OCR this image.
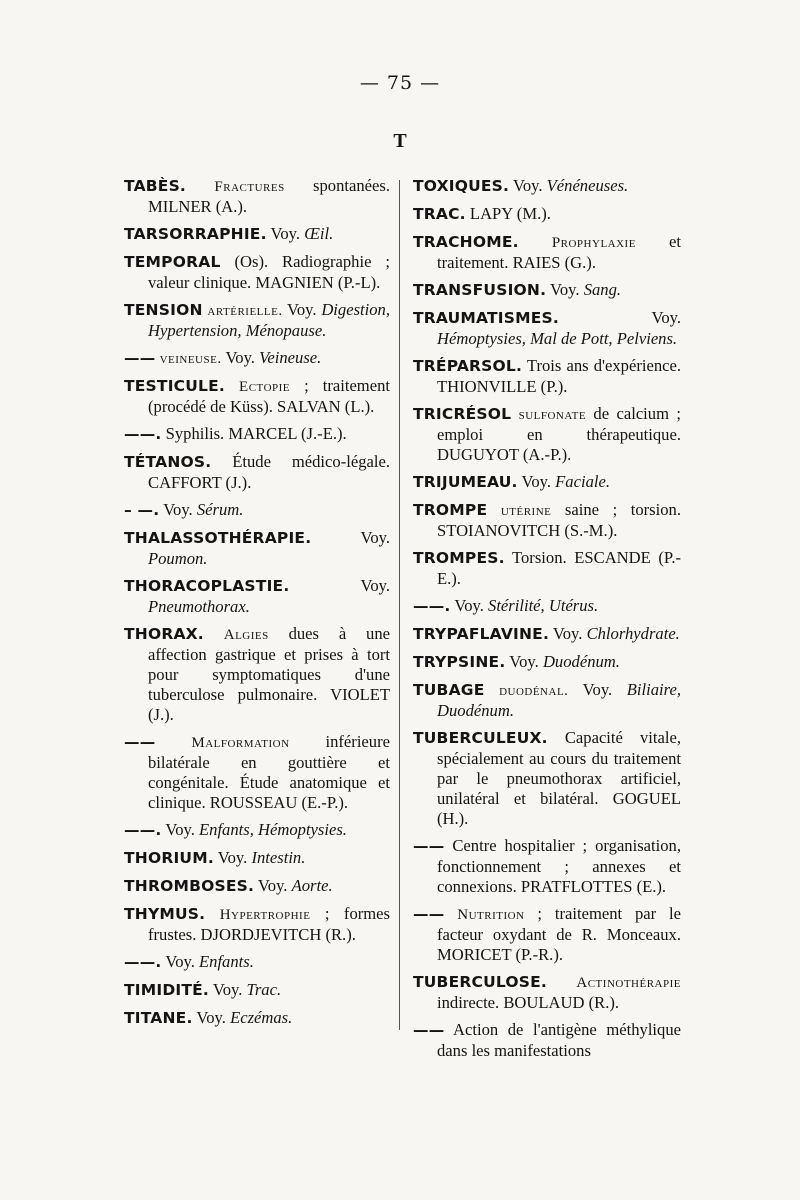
— 75 —
T
TABÈS. Fractures spontanées. MILNER (A.).
TARSORRAPHIE. Voy. Œil.
TEMPORAL (Os). Radiographie ; valeur clinique. MAGNIEN (P.-L).
TENSION artérielle. Voy. Digestion, Hypertension, Ménopause.
—— veineuse. Voy. Veineuse.
TESTICULE. Ectopie ; traitement (procédé de Küss). SALVAN (L.).
——. Syphilis. MARCEL (J.-E.).
TÉTANOS. Étude médico-légale. CAFFORT (J.).
– —. Voy. Sérum.
THALASSOTHÉRAPIE. Voy. Poumon.
THORACOPLASTIE. Voy. Pneumothorax.
THORAX. Algies dues à une affection gastrique et prises à tort pour symptomatiques d'une tuberculose pulmonaire. VIOLET (J.).
—— Malformation inférieure bilatérale en gouttière et congénitale. Étude anatomique et clinique. ROUSSEAU (E.-P.).
——. Voy. Enfants, Hémoptysies.
THORIUM. Voy. Intestin.
THROMBOSES. Voy. Aorte.
THYMUS. Hypertrophie ; formes frustes. DJORDJEVITCH (R.).
——. Voy. Enfants.
TIMIDITÉ. Voy. Trac.
TITANE. Voy. Eczémas.
TOXIQUES. Voy. Vénéneuses.
TRAC. LAPY (M.).
TRACHOME. Prophylaxie et traitement. RAIES (G.).
TRANSFUSION. Voy. Sang.
TRAUMATISMES. Voy. Hémoptysies, Mal de Pott, Pelviens.
TRÉPARSOL. Trois ans d'expérience. THIONVILLE (P.).
TRICRÉSOL sulfonate de calcium ; emploi en thérapeutique. DUGUYOT (A.-P.).
TRIJUMEAU. Voy. Faciale.
TROMPE utérine saine ; torsion. STOIANOVITCH (S.-M.).
TROMPES. Torsion. ESCANDE (P.-E.).
——. Voy. Stérilité, Utérus.
TRYPAFLAVINE. Voy. Chlorhydrate.
TRYPSINE. Voy. Duodénum.
TUBAGE duodénal. Voy. Biliaire, Duodénum.
TUBERCULEUX. Capacité vitale, spécialement au cours du traitement par le pneumothorax artificiel, unilatéral et bilatéral. GOGUEL (H.).
—— Centre hospitalier ; organisation, fonctionnement ; annexes et connexions. PRATFLOTTES (E.).
—— Nutrition ; traitement par le facteur oxydant de R. Monceaux. MORICET (P.-R.).
TUBERCULOSE. Actinothérapie indirecte. BOULAUD (R.).
—— Action de l'antigène méthylique dans les manifestations
